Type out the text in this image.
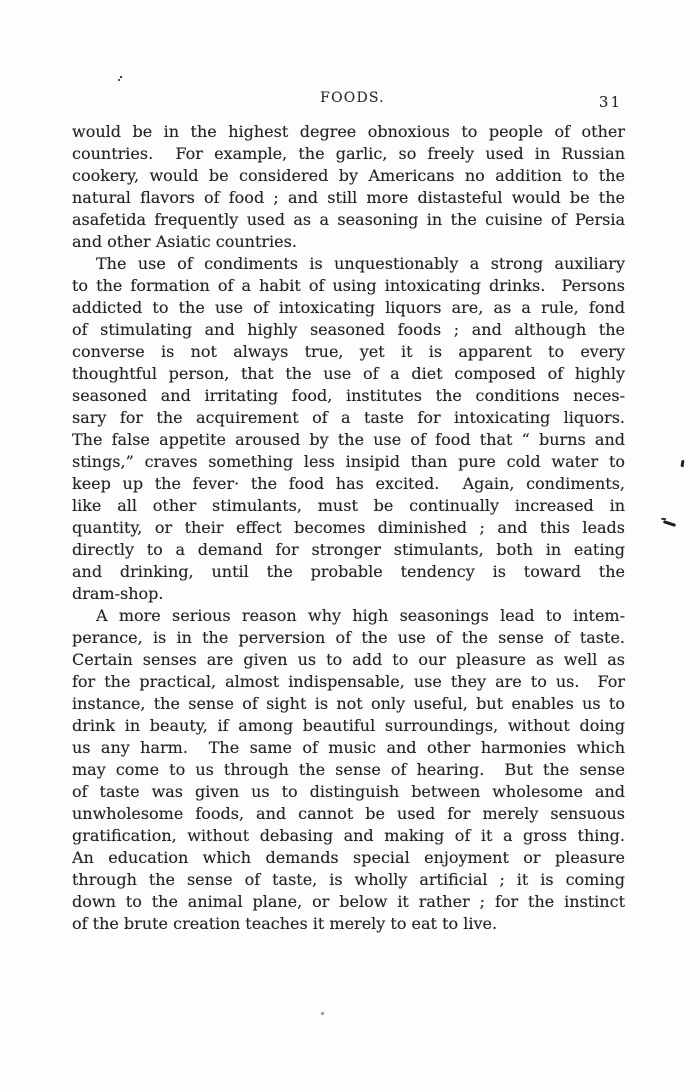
FOODS.	31
would be in the highest degree obnoxious to people of other
countries.  For example, the garlic, so freely used in Russian
cookery, would be considered by Americans no addition to the
natural flavors of food ; and still more distasteful would be the
asafetida frequently used as a seasoning in the cuisine of Persia
and other Asiatic countries.
The use of condiments is unquestionably a strong auxiliary
to the formation of a habit of using intoxicating drinks.  Persons
addicted to the use of intoxicating liquors are, as a rule, fond
of stimulating and highly seasoned foods ; and although the
converse is not always true, yet it is apparent to every
thoughtful person, that the use of a diet composed of highly
seasoned and irritating food, institutes the conditions neces-
sary for the acquirement of a taste for intoxicating liquors.
The false appetite aroused by the use of food that “ burns and
stings,” craves something less insipid than pure cold water to
keep up the fever· the food has excited.  Again, condiments,
like all other stimulants, must be continually increased in
quantity, or their effect becomes diminished ; and this leads
directly to a demand for stronger stimulants, both in eating
and drinking, until the probable tendency is toward the
dram-shop.
A more serious reason why high seasonings lead to intem-
perance, is in the perversion of the use of the sense of taste.
Certain senses are given us to add to our pleasure as well as
for the practical, almost indispensable, use they are to us.  For
instance, the sense of sight is not only useful, but enables us to
drink in beauty, if among beautiful surroundings, without doing
us any harm.  The same of music and other harmonies which
may come to us through the sense of hearing.  But the sense
of taste was given us to distinguish between wholesome and
unwholesome foods, and cannot be used for merely sensuous
gratification, without debasing and making of it a gross thing.
An education which demands special enjoyment or pleasure
through the sense of taste, is wholly artificial ; it is coming
down to the animal plane, or below it rather ; for the instinct
of the brute creation teaches it merely to eat to live.
